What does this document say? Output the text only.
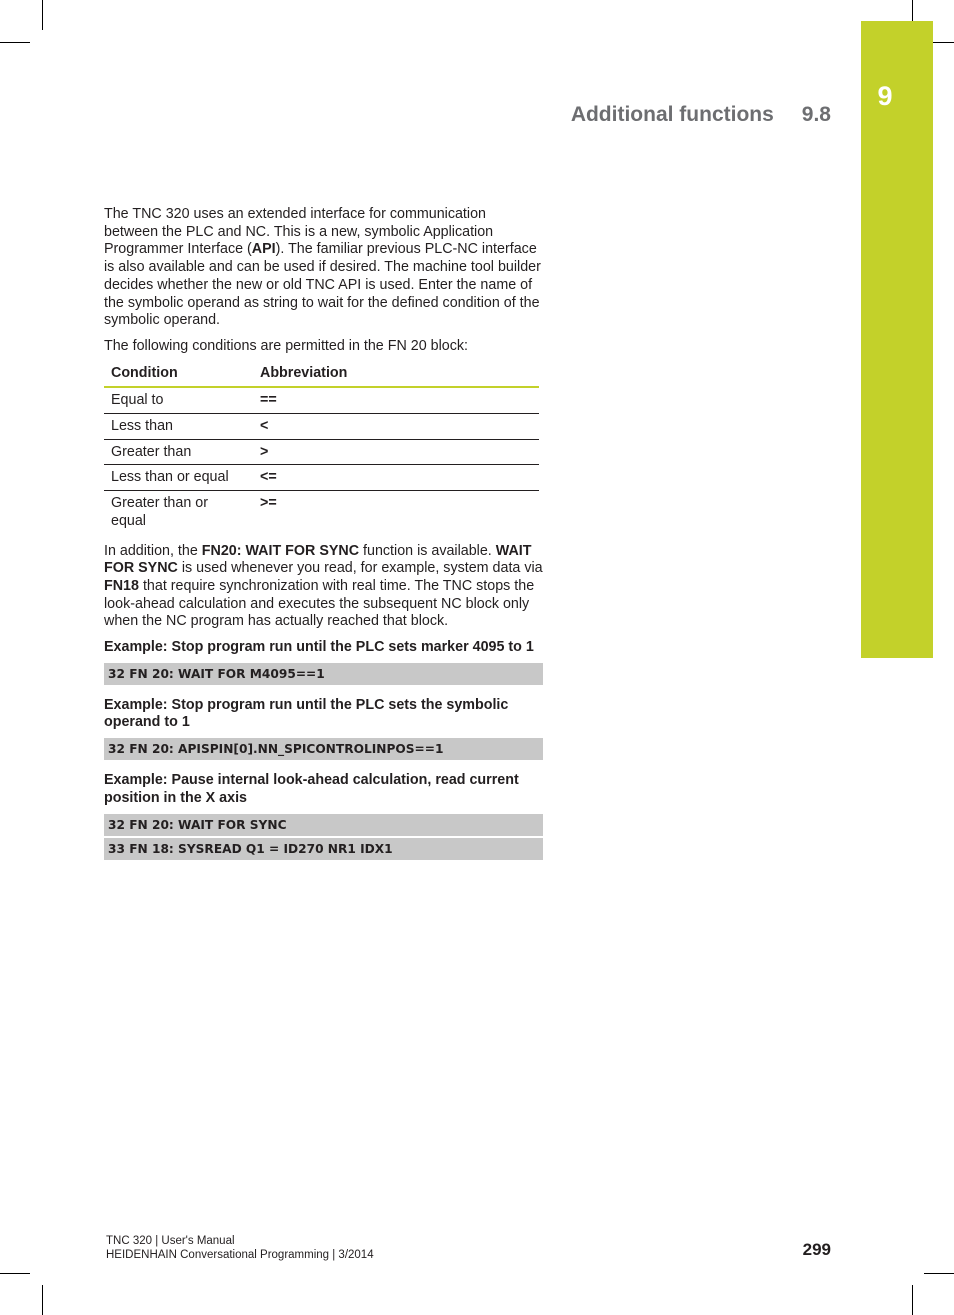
9
Additional functions 9.8

The TNC 320 uses an extended interface for communication between the PLC and NC. This is a new, symbolic Application Programmer Interface (API). The familiar previous PLC-NC interface is also available and can be used if desired. The machine tool builder decides whether the new or old TNC API is used. Enter the name of the symbolic operand as string to wait for the defined condition of the symbolic operand.

The following conditions are permitted in the FN 20 block:

Condition	Abbreviation
Equal to	==
Less than	<
Greater than	>
Less than or equal	<=
Greater than or equal	>=

In addition, the FN20: WAIT FOR SYNC function is available. WAIT FOR SYNC is used whenever you read, for example, system data via FN18 that require synchronization with real time. The TNC stops the look-ahead calculation and executes the subsequent NC block only when the NC program has actually reached that block.

Example: Stop program run until the PLC sets marker 4095 to 1
32 FN 20: WAIT FOR M4095==1
Example: Stop program run until the PLC sets the symbolic operand to 1
32 FN 20: APISPIN[0].NN_SPICONTROLINPOS==1
Example: Pause internal look-ahead calculation, read current position in the X axis
32 FN 20: WAIT FOR SYNC
33 FN 18: SYSREAD Q1 = ID270 NR1 IDX1
TNC 320 | User's Manual
HEIDENHAIN Conversational Programming | 3/2014	299
